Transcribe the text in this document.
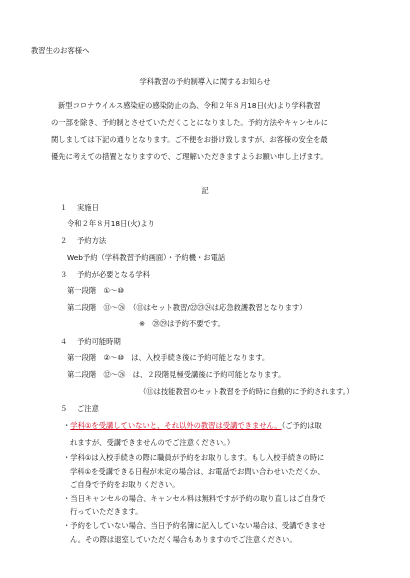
教習生のお客様へ
学科教習の予約制導入に関するお知らせ
新型コロナウイルス感染症の感染防止の為、令和２年８月18日(火)より学科教習
の一部を除き、予約制とさせていただくことになりました。予約方法やキャンセルに
関しましては下記の通りとなります。ご不便をお掛け致しますが、お客様の安全を最
優先に考えての措置となりますので、ご理解いただきますようお願い申し上げます。
記
１ 実施日
令和２年８月18日(火)より
２ 予約方法
Web予約（学科教習予約画面）・予約機・お電話
３ 予約が必要となる学科
第一段階　①〜⑩
第二段階　⑪〜㉖　（⑪はセット教習/㉒㉓㉔は応急救護教習となります）
※　㉘㉙は予約不要です。
４ 予約可能時期
第一段階　②〜⑩　は、入校手続き後に予約可能となります。
第二段階　⑫〜㉖　は、２段階見極受講後に予約可能となります。
（⑪は技能教習のセット教習を予約時に自動的に予約されます。）
５ ご注意
・学科①を受講していないと、それ以外の教習は受講できません。（ご予約は取
れますが、受講できませんのでご注意ください。）
・学科①は入校手続きの際に職員が予約をお取りします。もし入校手続きの時に
学科①を受講できる日程が未定の場合は、お電話でお問い合わせいただくか、
ご自身で予約をお取りください。
・当日キャンセルの場合、キャンセル料は無料ですが予約の取り直しはご自身で
行っていただきます。
・予約をしていない場合、当日予約名簿に記入していない場合は、受講できませ
ん。その際は退室していただく場合もありますのでご注意ください。
